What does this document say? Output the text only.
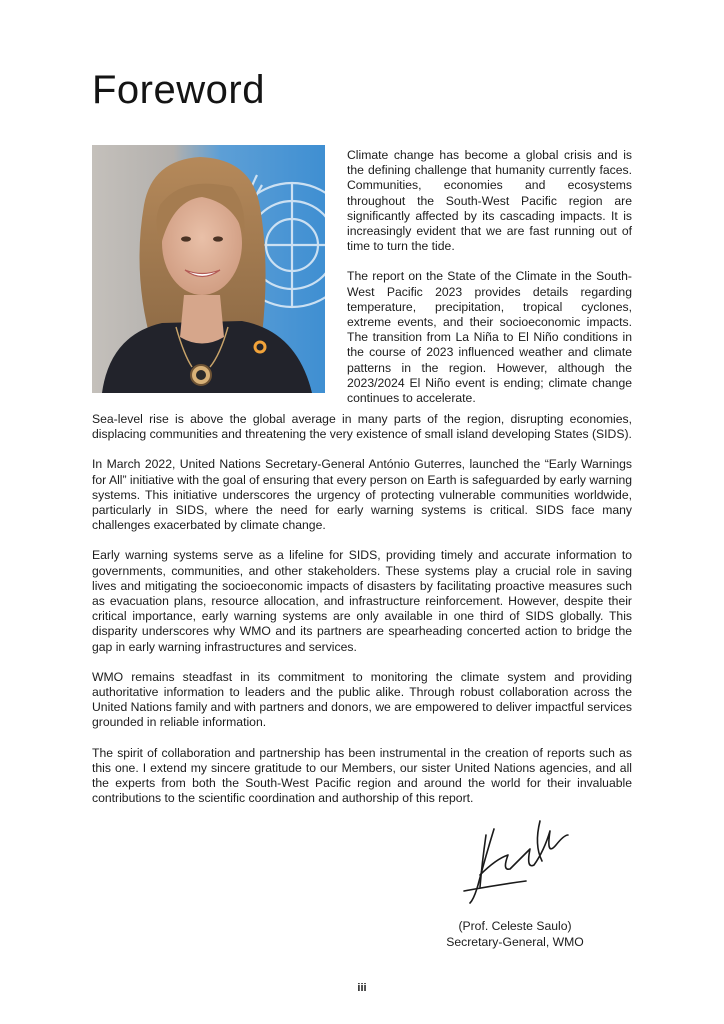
Foreword

Climate change has become a global crisis and is the defining challenge that humanity currently faces. Communities, economies and ecosystems throughout the South-West Pacific region are significantly affected by its cascading impacts. It is increasingly evident that we are fast running out of time to turn the tide.

The report on the State of the Climate in the South-West Pacific 2023 provides details regarding temperature, precipitation, tropical cyclones, extreme events, and their socioeconomic impacts. The transition from La Niña to El Niño conditions in the course of 2023 influenced weather and climate patterns in the region. However, although the 2023/2024 El Niño event is ending; climate change continues to accelerate.

Sea-level rise is above the global average in many parts of the region, disrupting economies, displacing communities and threatening the very existence of small island developing States (SIDS).

In March 2022, United Nations Secretary-General António Guterres, launched the “Early Warnings for All” initiative with the goal of ensuring that every person on Earth is safeguarded by early warning systems. This initiative underscores the urgency of protecting vulnerable communities worldwide, particularly in SIDS, where the need for early warning systems is critical. SIDS face many challenges exacerbated by climate change.

Early warning systems serve as a lifeline for SIDS, providing timely and accurate information to governments, communities, and other stakeholders. These systems play a crucial role in saving lives and mitigating the socioeconomic impacts of disasters by facilitating proactive measures such as evacuation plans, resource allocation, and infrastructure reinforcement. However, despite their critical importance, early warning systems are only available in one third of SIDS globally. This disparity underscores why WMO and its partners are spearheading concerted action to bridge the gap in early warning infrastructures and services.

WMO remains steadfast in its commitment to monitoring the climate system and providing authoritative information to leaders and the public alike. Through robust collaboration across the United Nations family and with partners and donors, we are empowered to deliver impactful services grounded in reliable information.

The spirit of collaboration and partnership has been instrumental in the creation of reports such as this one. I extend my sincere gratitude to our Members, our sister United Nations agencies, and all the experts from both the South-West Pacific region and around the world for their invaluable contributions to the scientific coordination and authorship of this report.

(Prof. Celeste Saulo)
Secretary-General, WMO
iii
